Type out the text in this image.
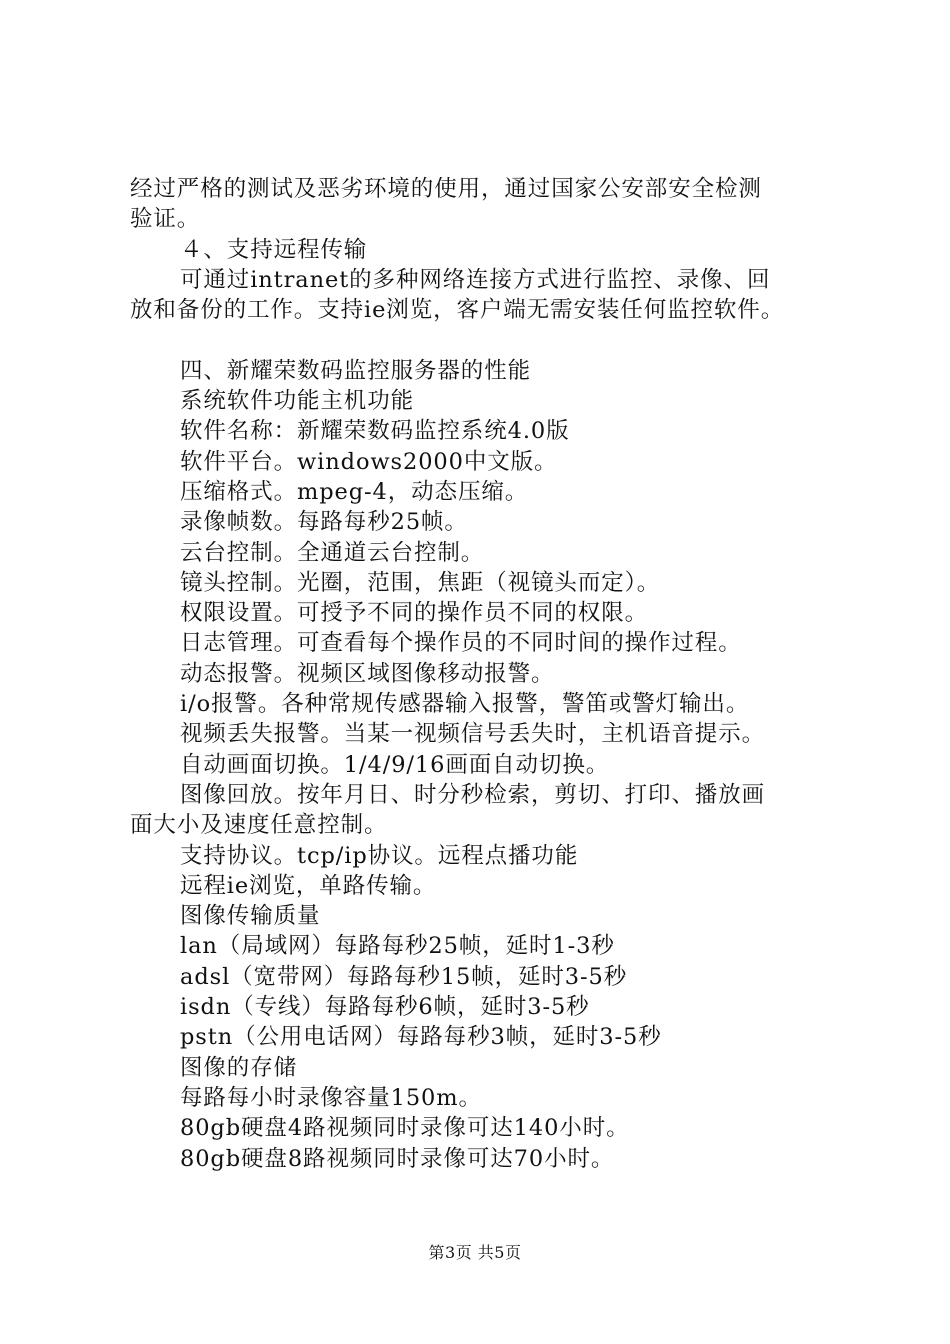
经过严格的测试及恶劣环境的使用，通过国家公安部安全检测
验证。
４、支持远程传输
可通过intranet的多种网络连接方式进行监控、录像、回
放和备份的工作。支持ie浏览，客户端无需安装任何监控软件。
四、新耀荣数码监控服务器的性能
系统软件功能主机功能
软件名称：新耀荣数码监控系统4.0版
软件平台。windows2000中文版。
压缩格式。mpeg-4，动态压缩。
录像帧数。每路每秒25帧。
云台控制。全通道云台控制。
镜头控制。光圈，范围，焦距（视镜头而定）。
权限设置。可授予不同的操作员不同的权限。
日志管理。可查看每个操作员的不同时间的操作过程。
动态报警。视频区域图像移动报警。
i/o报警。各种常规传感器输入报警，警笛或警灯输出。
视频丢失报警。当某一视频信号丢失时，主机语音提示。
自动画面切换。1/4/9/16画面自动切换。
图像回放。按年月日、时分秒检索，剪切、打印、播放画
面大小及速度任意控制。
支持协议。tcp/ip协议。远程点播功能
远程ie浏览，单路传输。
图像传输质量
lan（局域网）每路每秒25帧，延时1-3秒
adsl（宽带网）每路每秒15帧，延时3-5秒
isdn（专线）每路每秒6帧，延时3-5秒
pstn（公用电话网）每路每秒3帧，延时3-5秒
图像的存储
每路每小时录像容量150m。
80gb硬盘4路视频同时录像可达140小时。
80gb硬盘8路视频同时录像可达70小时。
第3页 共5页
